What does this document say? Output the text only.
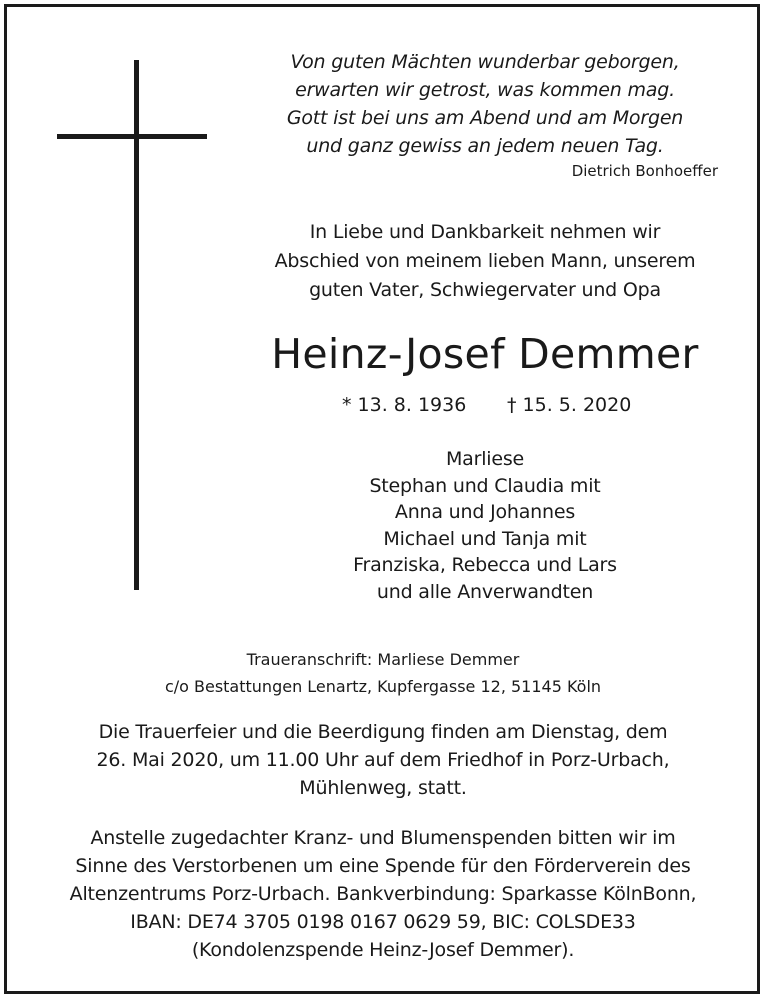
Von guten Mächten wunderbar geborgen,
erwarten wir getrost, was kommen mag.
Gott ist bei uns am Abend und am Morgen
und ganz gewiss an jedem neuen Tag.
Dietrich Bonhoeffer
In Liebe und Dankbarkeit nehmen wir
Abschied von meinem lieben Mann, unserem
guten Vater, Schwiegervater und Opa
Heinz-Josef Demmer
* 13. 8. 1936 † 15. 5. 2020
Marliese
Stephan und Claudia mit
Anna und Johannes
Michael und Tanja mit
Franziska, Rebecca und Lars
und alle Anverwandten
Traueranschrift: Marliese Demmer
c/o Bestattungen Lenartz, Kupfergasse 12, 51145 Köln
Die Trauerfeier und die Beerdigung finden am Dienstag, dem
26. Mai 2020, um 11.00 Uhr auf dem Friedhof in Porz-Urbach,
Mühlenweg, statt.
Anstelle zugedachter Kranz- und Blumenspenden bitten wir im
Sinne des Verstorbenen um eine Spende für den Förderverein des
Altenzentrums Porz-Urbach. Bankverbindung: Sparkasse KölnBonn,
IBAN: DE74 3705 0198 0167 0629 59, BIC: COLSDE33
(Kondolenzspende Heinz-Josef Demmer).
